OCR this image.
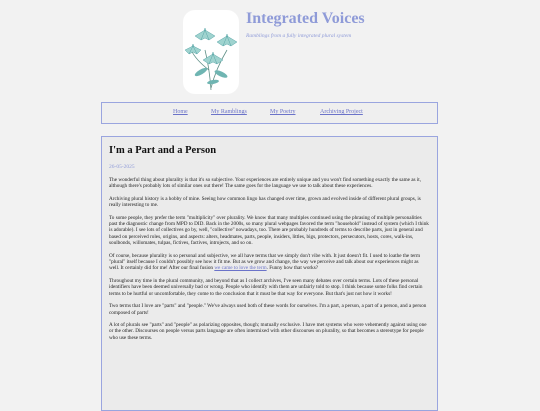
Integrated Voices
Ramblings from a fully integrated plural system
Home	My Ramblings	My Poetry	Archiving Project
I'm a Part and a Person
26-05-2025

The wonderful thing about plurality is that it's so subjective. Your experiences are entirely unique and you won't find something exactly the same as it, although there's probably lots of similar ones out there! The same goes for the language we use to talk about these experiences.

Archiving plural history is a hobby of mine. Seeing how common lingo has changed over time, grown and evolved inside of different plural groups, is really interesting to me.

To some people, they prefer the term "multiplicity" over plurality. We know that many multiples continued using the phrasing of multiple personalities past the diagnostic change from MPD to DID. Back in the 2000s, so many plural webpages favored the term "household" instead of system (which I think is adorable). I see lots of collectives go by, well, "collective" nowadays, too. There are probably hundreds of terms to describe parts, just in general and based on perceived roles, origins, and aspects: alters, headmates, parts, people, insiders, littles, bigs, protectors, persecutors, hosts, cores, walk-ins, soulbonds, willomates, tulpas, fictives, factives, introjects, and so on.

Of course, because plurality is so personal and subjective, we all have terms that we simply don't vibe with. It just doesn't fit. I used to loathe the term "plural" itself because I couldn't possibly see how it fit me. But as we grow and change, the way we perceive and talk about our experiences might as well. It certainly did for me! After our final fusion we came to love the term. Funny how that works?

Throughout my time in the plural community, and beyond that as I collect archives, I've seen many debates over certain terms. Lots of these personal identifiers have been deemed universally bad or wrong. People who identify with them are unfairly told to stop. I think because some folks find certain terms to be hurtful or uncomfortable, they come to the conclusion that it must be that way for everyone. But that's just not how it works!

Two terms that I love are "parts" and "people." We've always used both of these words for ourselves. I'm a part, a person, a part of a person, and a person composed of parts!

A lot of plurals see "parts" and "people" as polarizing opposites, though; mutually exclusive. I have met systems who were vehemently against using one or the other. Discourses on people versus parts language are often intermixed with other discourses on plurality, so that becomes a stereotype for people who use these terms.
